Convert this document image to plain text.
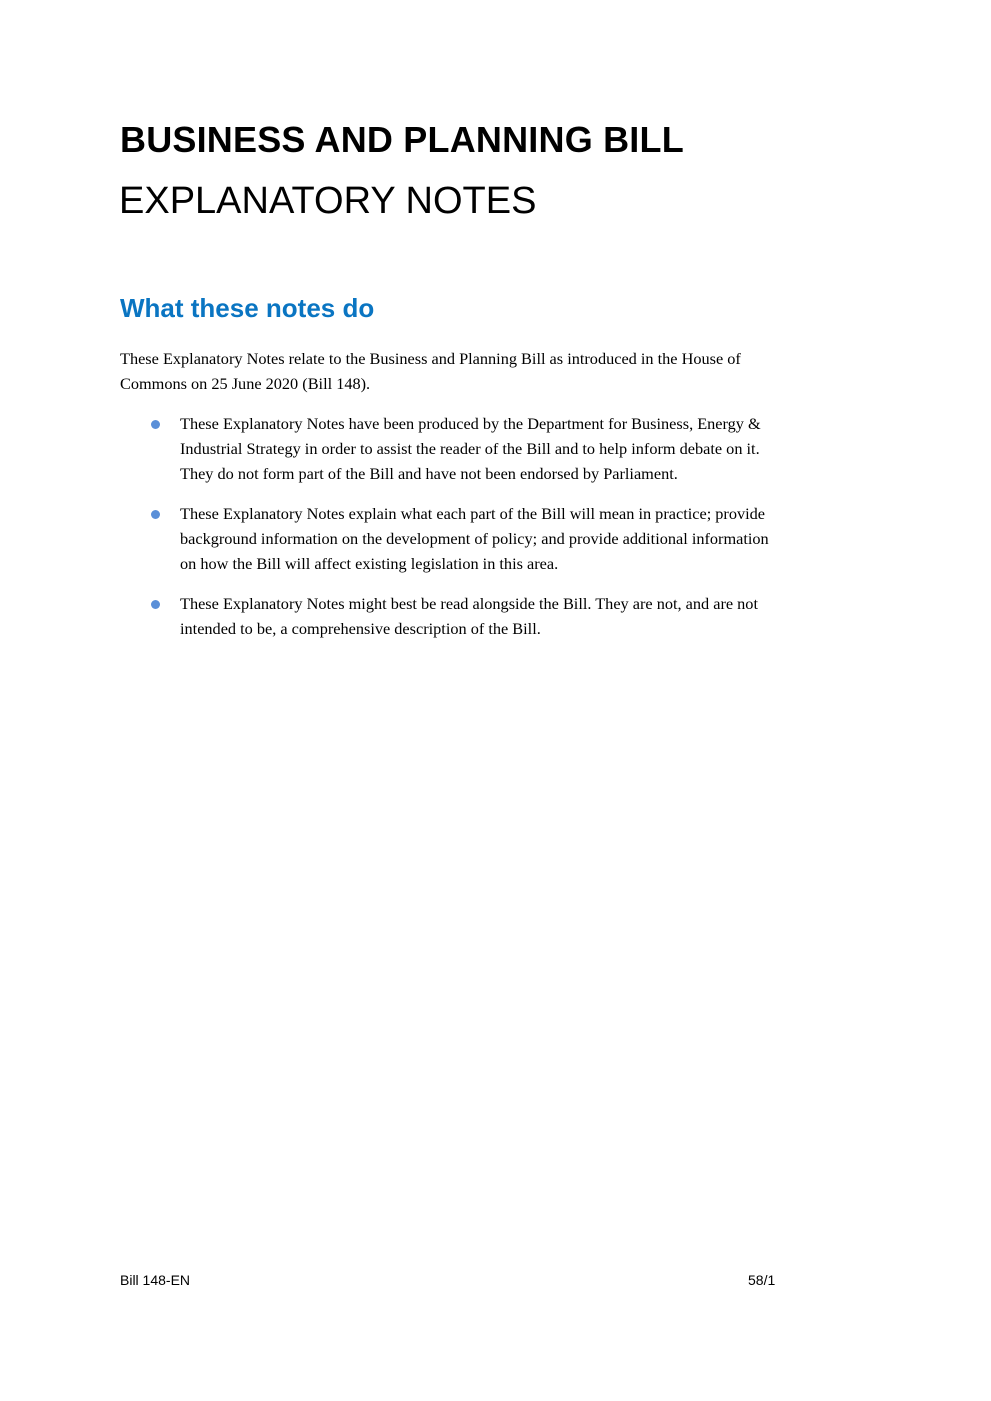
BUSINESS AND PLANNING BILL
EXPLANATORY NOTES
What these notes do

These Explanatory Notes relate to the Business and Planning Bill as introduced in the House of
Commons on 25 June 2020 (Bill 148).

These Explanatory Notes have been produced by the Department for Business, Energy &
Industrial Strategy in order to assist the reader of the Bill and to help inform debate on it.
They do not form part of the Bill and have not been endorsed by Parliament.
These Explanatory Notes explain what each part of the Bill will mean in practice; provide
background information on the development of policy; and provide additional information
on how the Bill will affect existing legislation in this area.
These Explanatory Notes might best be read alongside the Bill. They are not, and are not
intended to be, a comprehensive description of the Bill.
Bill 148-EN	58/1
